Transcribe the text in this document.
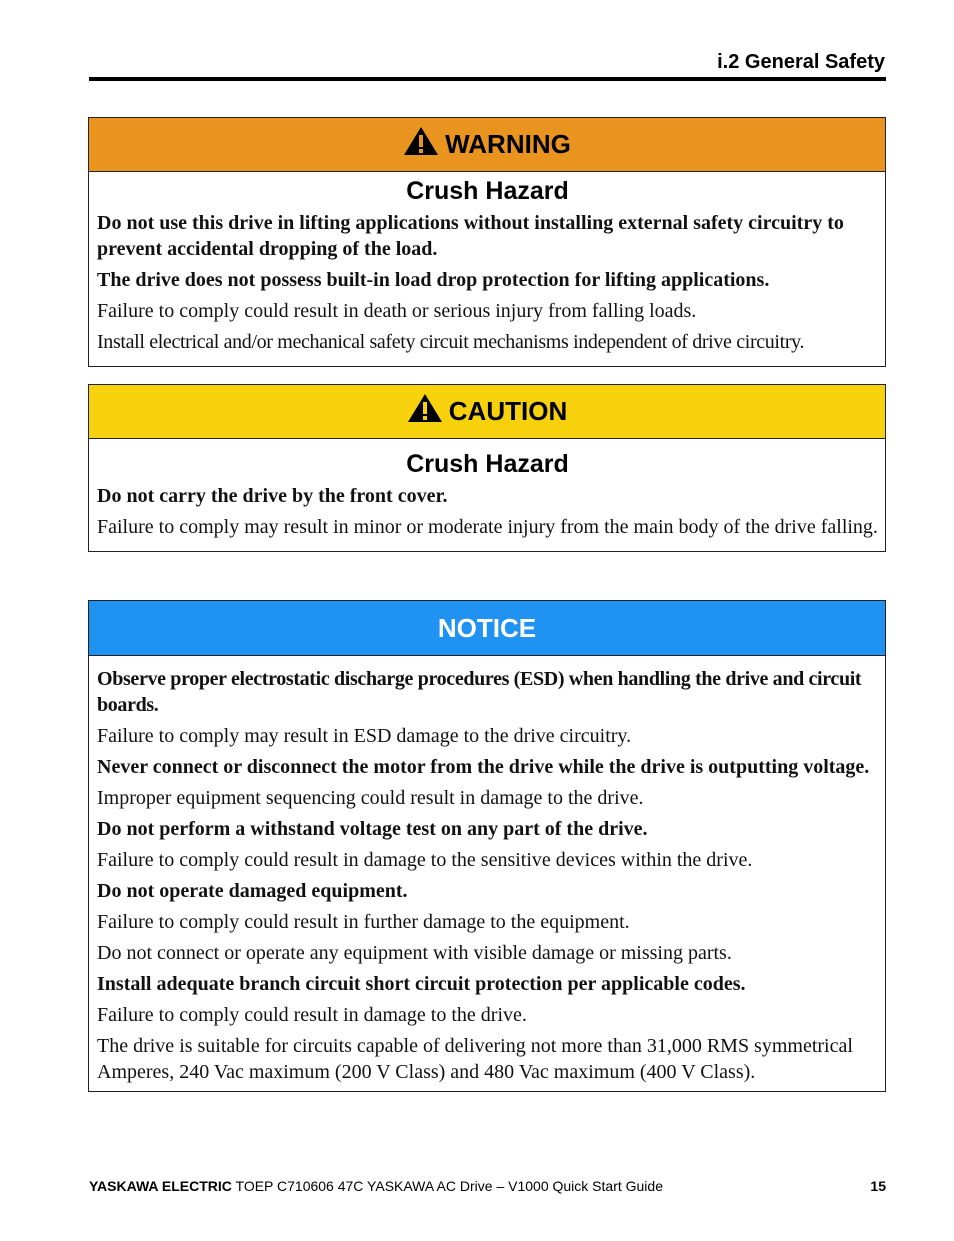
i.2 General Safety
WARNING
Crush Hazard

Do not use this drive in lifting applications without installing external safety circuitry to prevent accidental dropping of the load.

The drive does not possess built-in load drop protection for lifting applications.

Failure to comply could result in death or serious injury from falling loads.

Install electrical and/or mechanical safety circuit mechanisms independent of drive circuitry.

CAUTION
Crush Hazard

Do not carry the drive by the front cover.

Failure to comply may result in minor or moderate injury from the main body of the drive falling.

NOTICE

Observe proper electrostatic discharge procedures (ESD) when handling the drive and circuit boards.

Failure to comply may result in ESD damage to the drive circuitry.

Never connect or disconnect the motor from the drive while the drive is outputting voltage.

Improper equipment sequencing could result in damage to the drive.

Do not perform a withstand voltage test on any part of the drive.

Failure to comply could result in damage to the sensitive devices within the drive.

Do not operate damaged equipment.

Failure to comply could result in further damage to the equipment.

Do not connect or operate any equipment with visible damage or missing parts.

Install adequate branch circuit short circuit protection per applicable codes.

Failure to comply could result in damage to the drive.

The drive is suitable for circuits capable of delivering not more than 31,000 RMS symmetrical Amperes, 240 Vac maximum (200 V Class) and 480 Vac maximum (400 V Class).

YASKAWA ELECTRIC TOEP C710606 47C YASKAWA AC Drive – V1000 Quick Start Guide	15
